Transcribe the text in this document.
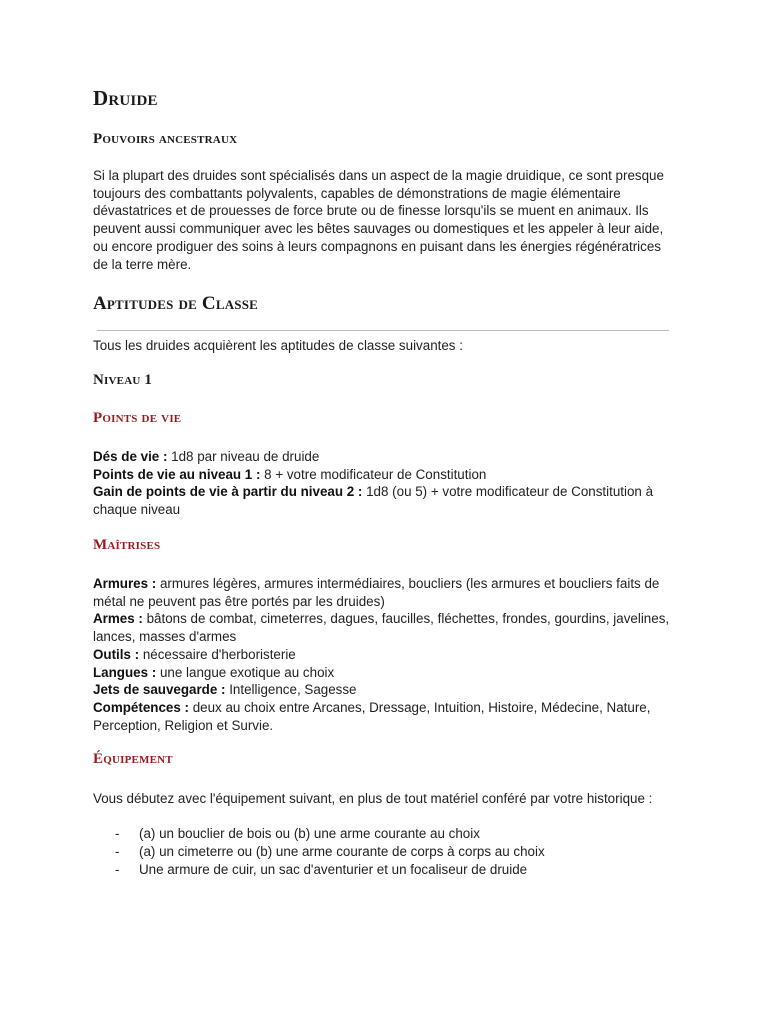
Druide
Pouvoirs ancestraux

Si la plupart des druides sont spécialisés dans un aspect de la magie druidique, ce sont presque toujours des combattants polyvalents, capables de démonstrations de magie élémentaire dévastatrices et de prouesses de force brute ou de finesse lorsqu'ils se muent en animaux. Ils peuvent aussi communiquer avec les bêtes sauvages ou domestiques et les appeler à leur aide, ou encore prodiguer des soins à leurs compagnons en puisant dans les énergies régénératrices de la terre mère.

Aptitudes de Classe

Tous les druides acquièrent les aptitudes de classe suivantes :

Niveau 1
Points de vie
Dés de vie : 1d8 par niveau de druide
Points de vie au niveau 1 : 8 + votre modificateur de Constitution
Gain de points de vie à partir du niveau 2 : 1d8 (ou 5) + votre modificateur de Constitution à chaque niveau
Maîtrises
Armures : armures légères, armures intermédiaires, boucliers (les armures et boucliers faits de métal ne peuvent pas être portés par les druides)
Armes : bâtons de combat, cimeterres, dagues, faucilles, fléchettes, frondes, gourdins, javelines, lances, masses d'armes
Outils : nécessaire d'herboristerie
Langues : une langue exotique au choix
Jets de sauvegarde : Intelligence, Sagesse
Compétences : deux au choix entre Arcanes, Dressage, Intuition, Histoire, Médecine, Nature, Perception, Religion et Survie.
Équipement

Vous débutez avec l'équipement suivant, en plus de tout matériel conféré par votre historique :

- (a) un bouclier de bois ou (b) une arme courante au choix
- (a) un cimeterre ou (b) une arme courante de corps à corps au choix
- Une armure de cuir, un sac d'aventurier et un focaliseur de druide
